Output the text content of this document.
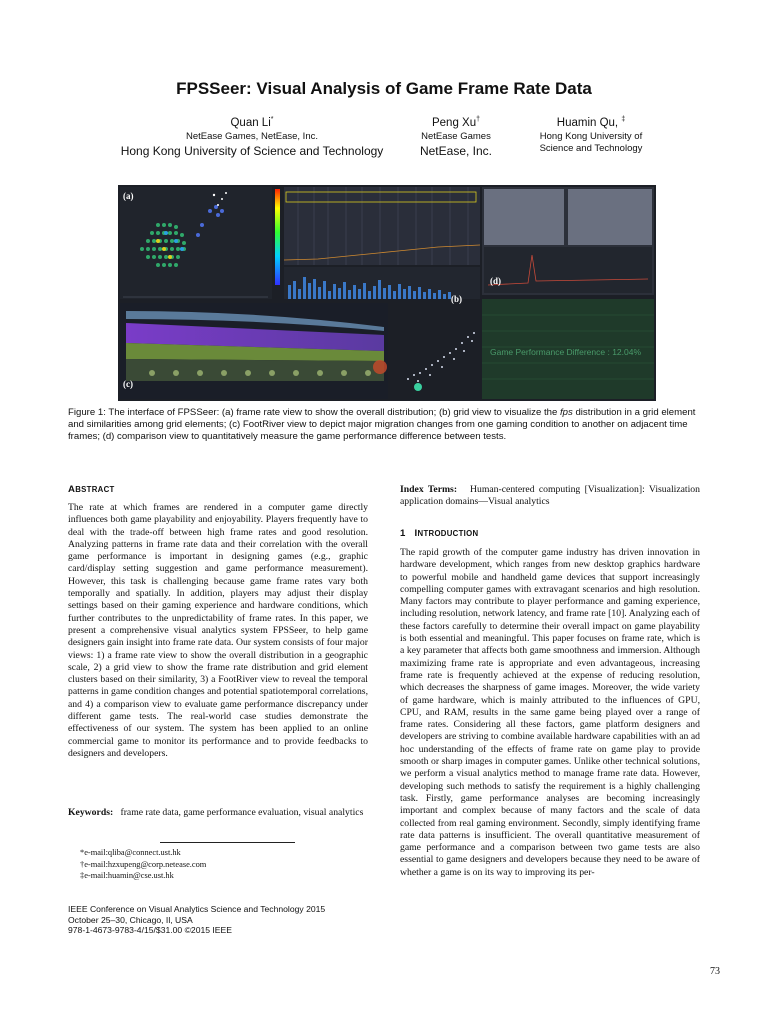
FPSSeer: Visual Analysis of Game Frame Rate Data
Quan Li*
NetEase Games, NetEase, Inc.
Hong Kong University of Science and Technology
Peng Xu†
NetEase Games
NetEase, Inc.
Huamin Qu, ‡
Hong Kong University of
Science and Technology
(a)
(b)
(c)
(d)
Game Performance Difference : 12.04%
Figure 1: The interface of FPSSeer: (a) frame rate view to show the overall distribution; (b) grid view to visualize the fps distribution in a grid element and similarities among grid elements; (c) FootRiver view to depict major migration changes from one gaming condition to another on adjacent time frames; (d) comparison view to quantitatively measure the game performance difference between tests.
ABSTRACT
The rate at which frames are rendered in a computer game directly influences both game playability and enjoyability. Players frequently have to deal with the trade-off between high frame rates and good resolution. Analyzing patterns in frame rate data and their correlation with the overall game performance is important in designing games (e.g., graphic card/display setting suggestion and game performance measurement). However, this task is challenging because game frame rates vary both temporally and spatially. In addition, players may adjust their display settings based on their gaming experience and hardware conditions, which further contributes to the unpredictability of frame rates. In this paper, we present a comprehensive visual analytics system FPSSeer, to help game designers gain insight into frame rate data. Our system consists of four major views: 1) a frame rate view to show the overall distribution in a geographic scale, 2) a grid view to show the frame rate distribution and grid element clusters based on their similarity, 3) a FootRiver view to reveal the temporal patterns in game condition changes and potential spatiotemporal correlations, and 4) a comparison view to evaluate game performance discrepancy under different game tests. The real-world case studies demonstrate the effectiveness of our system. The system has been applied to an online commercial game to monitor its performance and to provide feedbacks to designers and developers.
Keywords: frame rate data, game performance evaluation, visual analytics
*e-mail:qliba@connect.ust.hk
†e-mail:hzxupeng@corp.netease.com
‡e-mail:huamin@cse.ust.hk
IEEE Conference on Visual Analytics Science and Technology 2015
October 25–30, Chicago, Il, USA
978-1-4673-9783-4/15/$31.00 ©2015 IEEE
Index Terms: Human-centered computing [Visualization]: Visualization application domains—Visual analytics
1 INTRODUCTION
The rapid growth of the computer game industry has driven innovation in hardware development, which ranges from new desktop graphics hardware to powerful mobile and handheld game devices that support increasingly compelling computer games with extravagant scenarios and high resolution. Many factors may contribute to player performance and gaming experience, including resolution, network latency, and frame rate [10]. Analyzing each of these factors carefully to determine their overall impact on game playability is both essential and meaningful. This paper focuses on frame rate, which is a key parameter that affects both game smoothness and immersion. Although maximizing frame rate is appropriate and even advantageous, increasing frame rate is frequently achieved at the expense of reducing resolution, which decreases the sharpness of game images. Moreover, the wide variety of game hardware, which is mainly attributed to the influences of GPU, CPU, and RAM, results in the same game being played over a range of frame rates. Considering all these factors, game platform designers and developers are striving to combine available hardware capabilities with an ad hoc understanding of the effects of frame rate on game play to provide smooth or sharp images in computer games. Unlike other technical solutions, we perform a visual analytics method to manage frame rate data. However, developing such methods to satisfy the requirement is a highly challenging task. Firstly, game performance analyses are becoming increasingly important and complex because of many factors and the scale of data collected from real gaming environment. Secondly, simply identifying frame rate data patterns is insufficient. The overall quantitative measurement of game performance and a comparison between two game tests are also essential to game designers and developers because they need to be aware of whether a game is on its way to improving its per-
73
